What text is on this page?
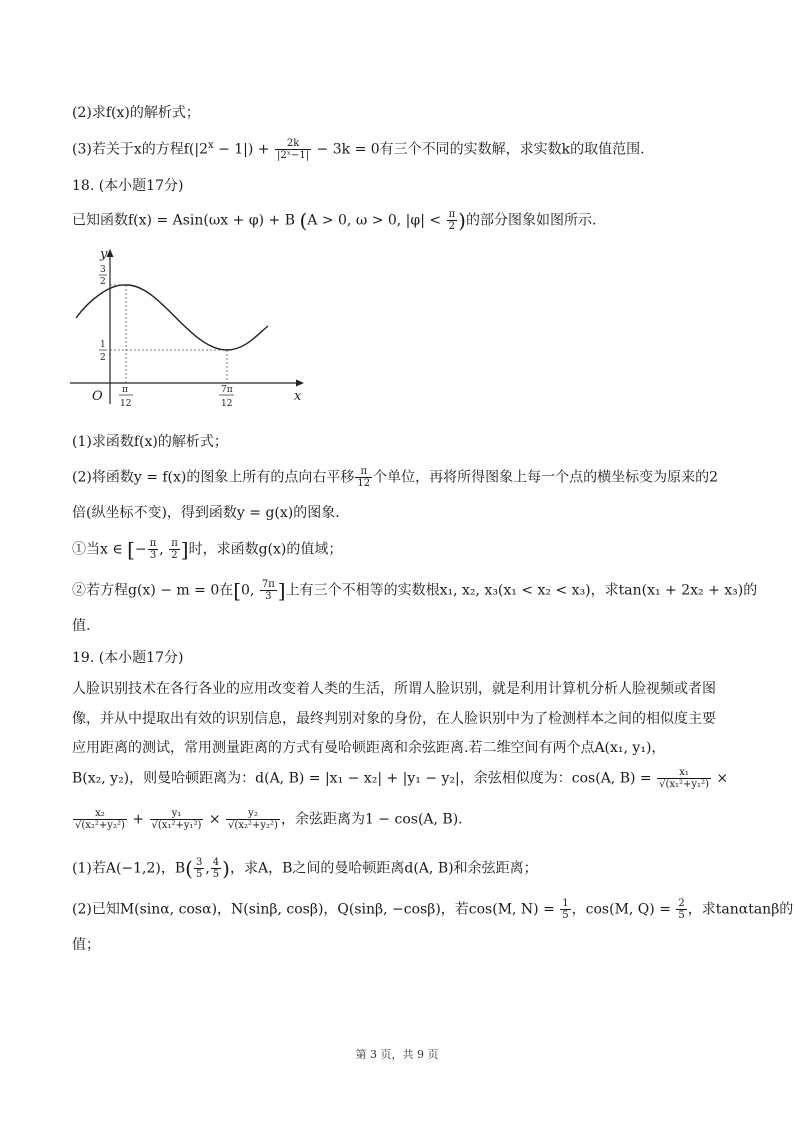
(2)求f(x)的解析式；
(3)若关于x的方程$f(|2^x - 1|) + \frac{2k}{\text{|2ˣ−1|}} - 3k = 0$有三个不同的实数解，求实数k的取值范围.
18. (本小题17分)
已知函数f(x) = Asin(ωx + φ) + B (A > 0, ω > 0, $|\varphi| < \frac{\pi}{2}$ )的部分图象如图所示.
y
x
O
3
2
1
2
π
12
7π
12
(1)求函数f(x)的解析式；
(2)将函数y = f(x)的图象上所有的点向右平移 $\frac{\pi}{12}$ 个单位，再将所得图象上每一个点的横坐标变为原来的2
倍(纵坐标不变)，得到函数y = g(x)的图象.
①当x ∈ [− $\frac{\pi}{3}$ , $\frac{\pi}{2}$ ]时，求函数g(x)的值域；
②若方程g(x) − m = 0在[0, $\frac{7\pi}{3}$ ]上有三个不相等的实数根x₁, x₂, x₃(x₁ < x₂ < x₃)，求tan(x₁ + 2x₂ + x₃)的
值.
19. (本小题17分)
人脸识别技术在各行各业的应用改变着人类的生活，所谓人脸识别，就是利用计算机分析人脸视频或者图
像，并从中提取出有效的识别信息，最终判别对象的身份，在人脸识别中为了检测样本之间的相似度主要
应用距离的测试，常用测量距离的方式有曼哈顿距离和余弦距离.若二维空间有两个点A(x₁, y₁)，
B(x₂, y₂)，则曼哈顿距离为：d(A, B) = |x₁ − x₂| + |y₁ − y₂|，余弦相似度为：cos(A, $B) = \frac{\text{x₁}}{\text{√(x₁²+y₁²)}}$ ×
$\frac{\text{x₂}}{\text{√(x₂²+y₂²)}} + \frac{\text{y₁}}{\text{√(x₁²+y₁²)}} \times \frac{\text{y₂}}{\text{√(x₂²+y₂²)}}$ ，余弦距离为1 − cos(A, B).
(1)若A(−1,2)，$B( \frac{3}{5}$ , $\frac{4}{5}$ )，求A，B之间的曼哈顿距离d(A, B)和余弦距离；
(2)已知M(sinα, cosα)，N(sinβ, cosβ)，Q(sinβ, −cosβ)，若cos(M, $N) = \frac{1}{5}$ ，cos(M, $Q) = \frac{2}{5}$ ，求tanαtanβ的
值；
第 3 页，共 9 页
